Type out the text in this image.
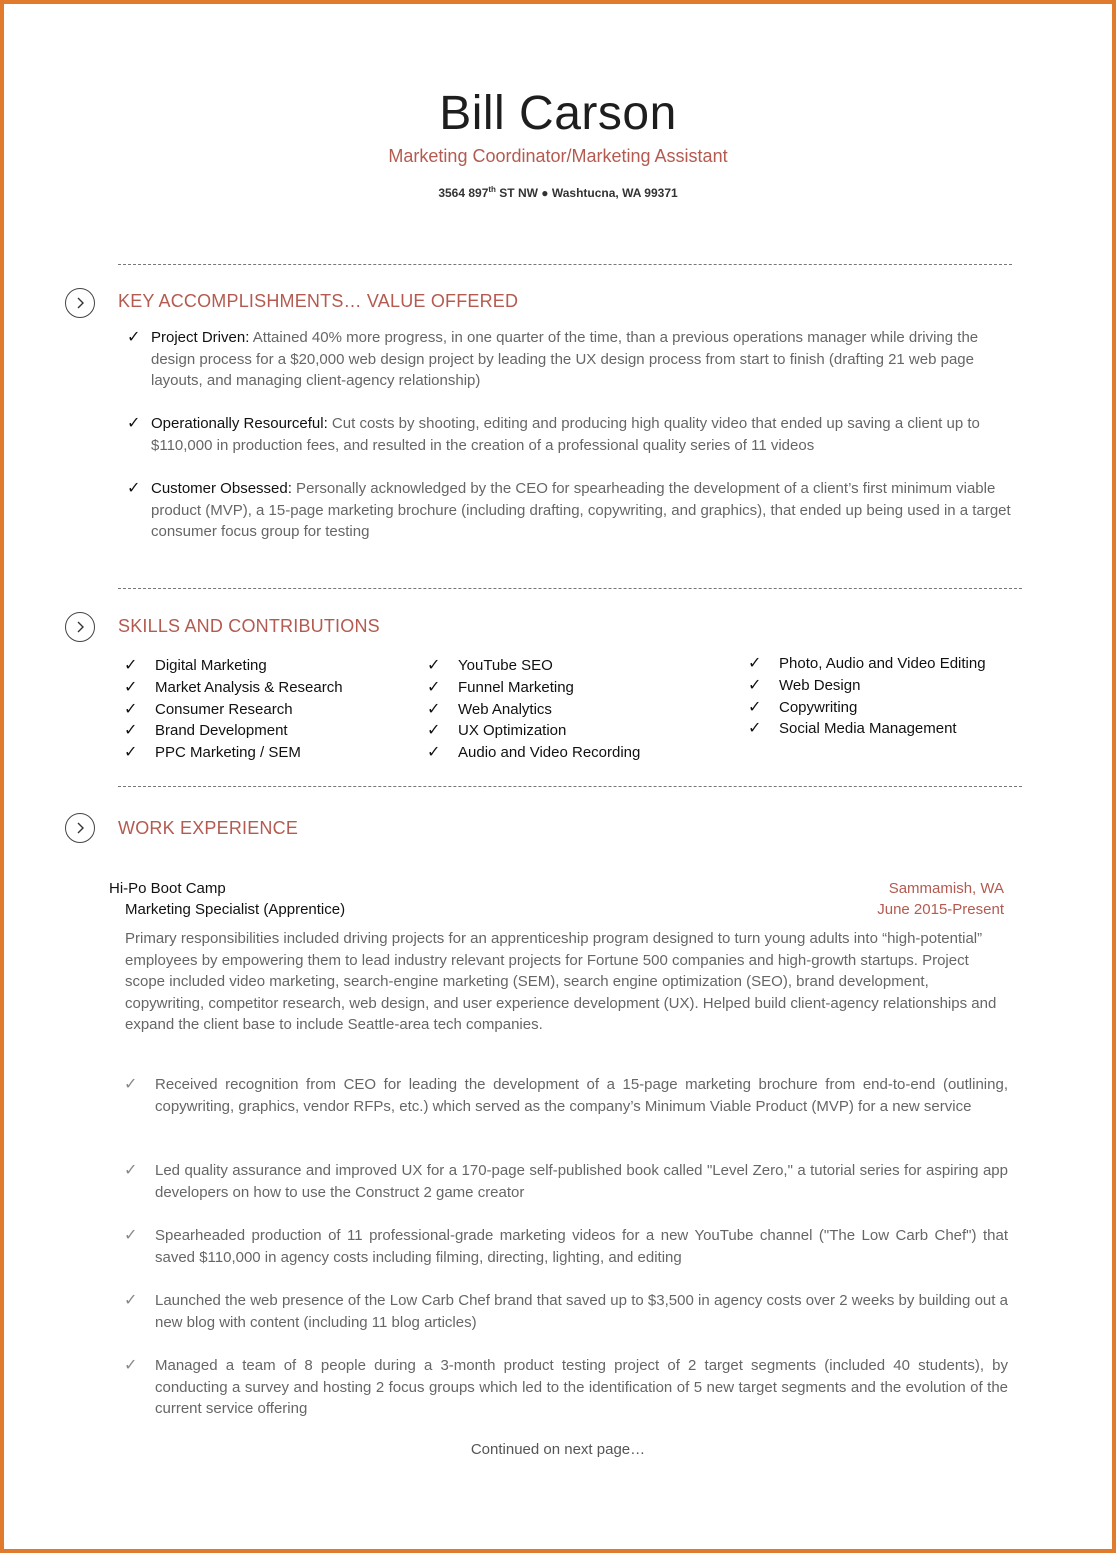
Bill Carson
Marketing Coordinator/Marketing Assistant
3564 897th ST NW ● Washtucna, WA 99371
KEY ACCOMPLISHMENTS… VALUE OFFERED
✓ Project Driven: Attained 40% more progress, in one quarter of the time, than a previous operations manager while driving the design process for a $20,000 web design project by leading the UX design process from start to finish (drafting 21 web page layouts, and managing client-agency relationship)
✓ Operationally Resourceful: Cut costs by shooting, editing and producing high quality video that ended up saving a client up to $110,000 in production fees, and resulted in the creation of a professional quality series of 11 videos
✓ Customer Obsessed: Personally acknowledged by the CEO for spearheading the development of a client’s first minimum viable product (MVP), a 15-page marketing brochure (including drafting, copywriting, and graphics), that ended up being used in a target consumer focus group for testing
SKILLS AND CONTRIBUTIONS
✓ Digital Marketing
✓ Market Analysis & Research
✓ Consumer Research
✓ Brand Development
✓ PPC Marketing / SEM
✓ YouTube SEO
✓ Funnel Marketing
✓ Web Analytics
✓ UX Optimization
✓ Audio and Video Recording
✓ Photo, Audio and Video Editing
✓ Web Design
✓ Copywriting
✓ Social Media Management
WORK EXPERIENCE
Hi-Po Boot Camp
Marketing Specialist (Apprentice)
Sammamish, WA
June 2015-Present
Primary responsibilities included driving projects for an apprenticeship program designed to turn young adults into “high-potential” employees by empowering them to lead industry relevant projects for Fortune 500 companies and high-growth startups. Project scope included video marketing, search-engine marketing (SEM), search engine optimization (SEO), brand development, copywriting, competitor research, web design, and user experience development (UX). Helped build client-agency relationships and expand the client base to include Seattle-area tech companies.
✓ Received recognition from CEO for leading the development of a 15-page marketing brochure from end-to-end (outlining, copywriting, graphics, vendor RFPs, etc.) which served as the company’s Minimum Viable Product (MVP) for a new service
✓ Led quality assurance and improved UX for a 170-page self-published book called "Level Zero," a tutorial series for aspiring app developers on how to use the Construct 2 game creator
✓ Spearheaded production of 11 professional-grade marketing videos for a new YouTube channel ("The Low Carb Chef") that saved $110,000 in agency costs including filming, directing, lighting, and editing
✓ Launched the web presence of the Low Carb Chef brand that saved up to $3,500 in agency costs over 2 weeks by building out a new blog with content (including 11 blog articles)
✓ Managed a team of 8 people during a 3-month product testing project of 2 target segments (included 40 students), by conducting a survey and hosting 2 focus groups which led to the identification of 5 new target segments and the evolution of the current service offering
Continued on next page…
